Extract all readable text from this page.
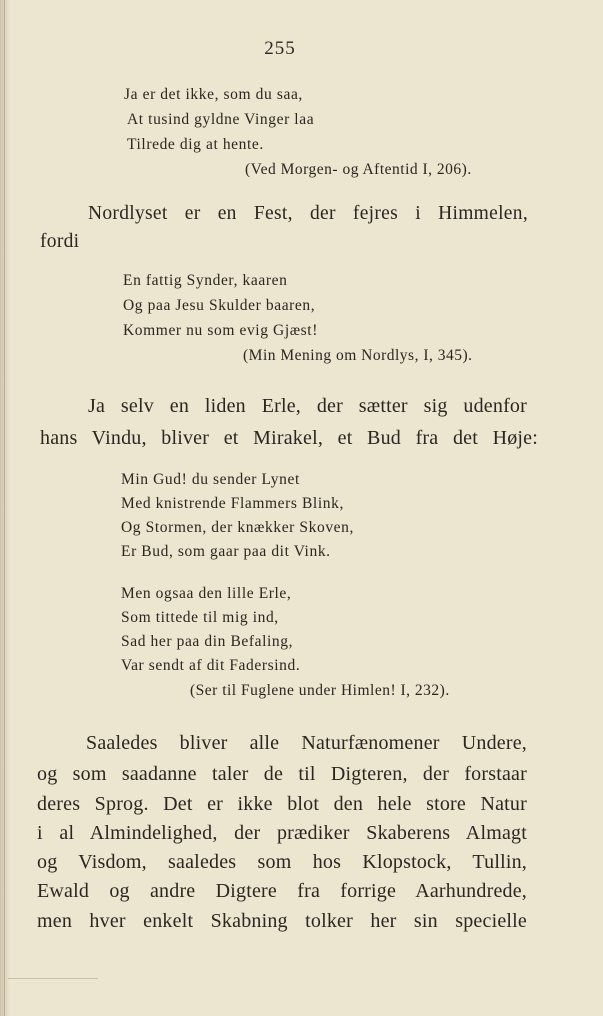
255
Ja er det ikke, som du saa,
At tusind gyldne Vinger laa
Tilrede dig at hente.
(Ved Morgen- og Aftentid I, 206).
Nordlyset er en Fest, der fejres i Himmelen,
fordi
En fattig Synder, kaaren
Og paa Jesu Skulder baaren,
Kommer nu som evig Gjæst!
(Min Mening om Nordlys, I, 345).
Ja selv en liden Erle, der sætter sig udenfor
hans Vindu, bliver et Mirakel, et Bud fra det Høje:
Min Gud! du sender Lynet
Med knistrende Flammers Blink,
Og Stormen, der knækker Skoven,
Er Bud, som gaar paa dit Vink.
Men ogsaa den lille Erle,
Som tittede til mig ind,
Sad her paa din Befaling,
Var sendt af dit Fadersind.
(Ser til Fuglene under Himlen! I, 232).
Saaledes bliver alle Naturfænomener Undere,
og som saadanne taler de til Digteren, der forstaar
deres Sprog. Det er ikke blot den hele store Natur
i al Almindelighed, der prædiker Skaberens Almagt
og Visdom, saaledes som hos Klopstock, Tullin,
Ewald og andre Digtere fra forrige Aarhundrede,
men hver enkelt Skabning tolker her sin specielle
